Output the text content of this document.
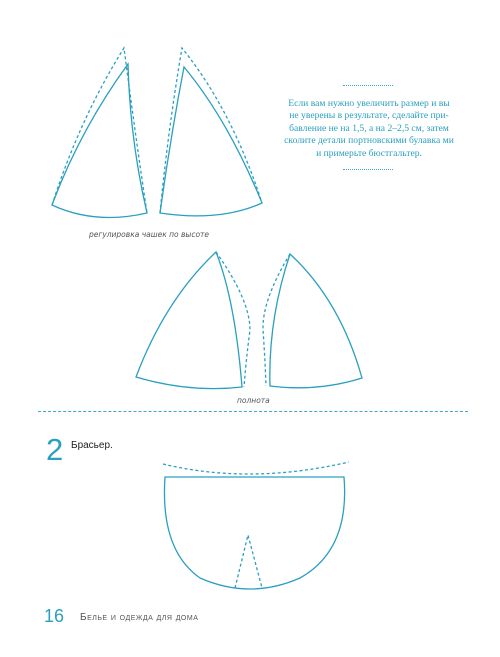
Если вам нужно увеличить размер и вы не уверены в результате, сделайте при-бавление не на 1,5, а на 2–2,5 см, затем сколите детали портновскими булавка ми и примерьте бюстгальтер.
регулировка чашек по высоте
полнота
2 Брасьер.
16 Белье и одежда для дома
